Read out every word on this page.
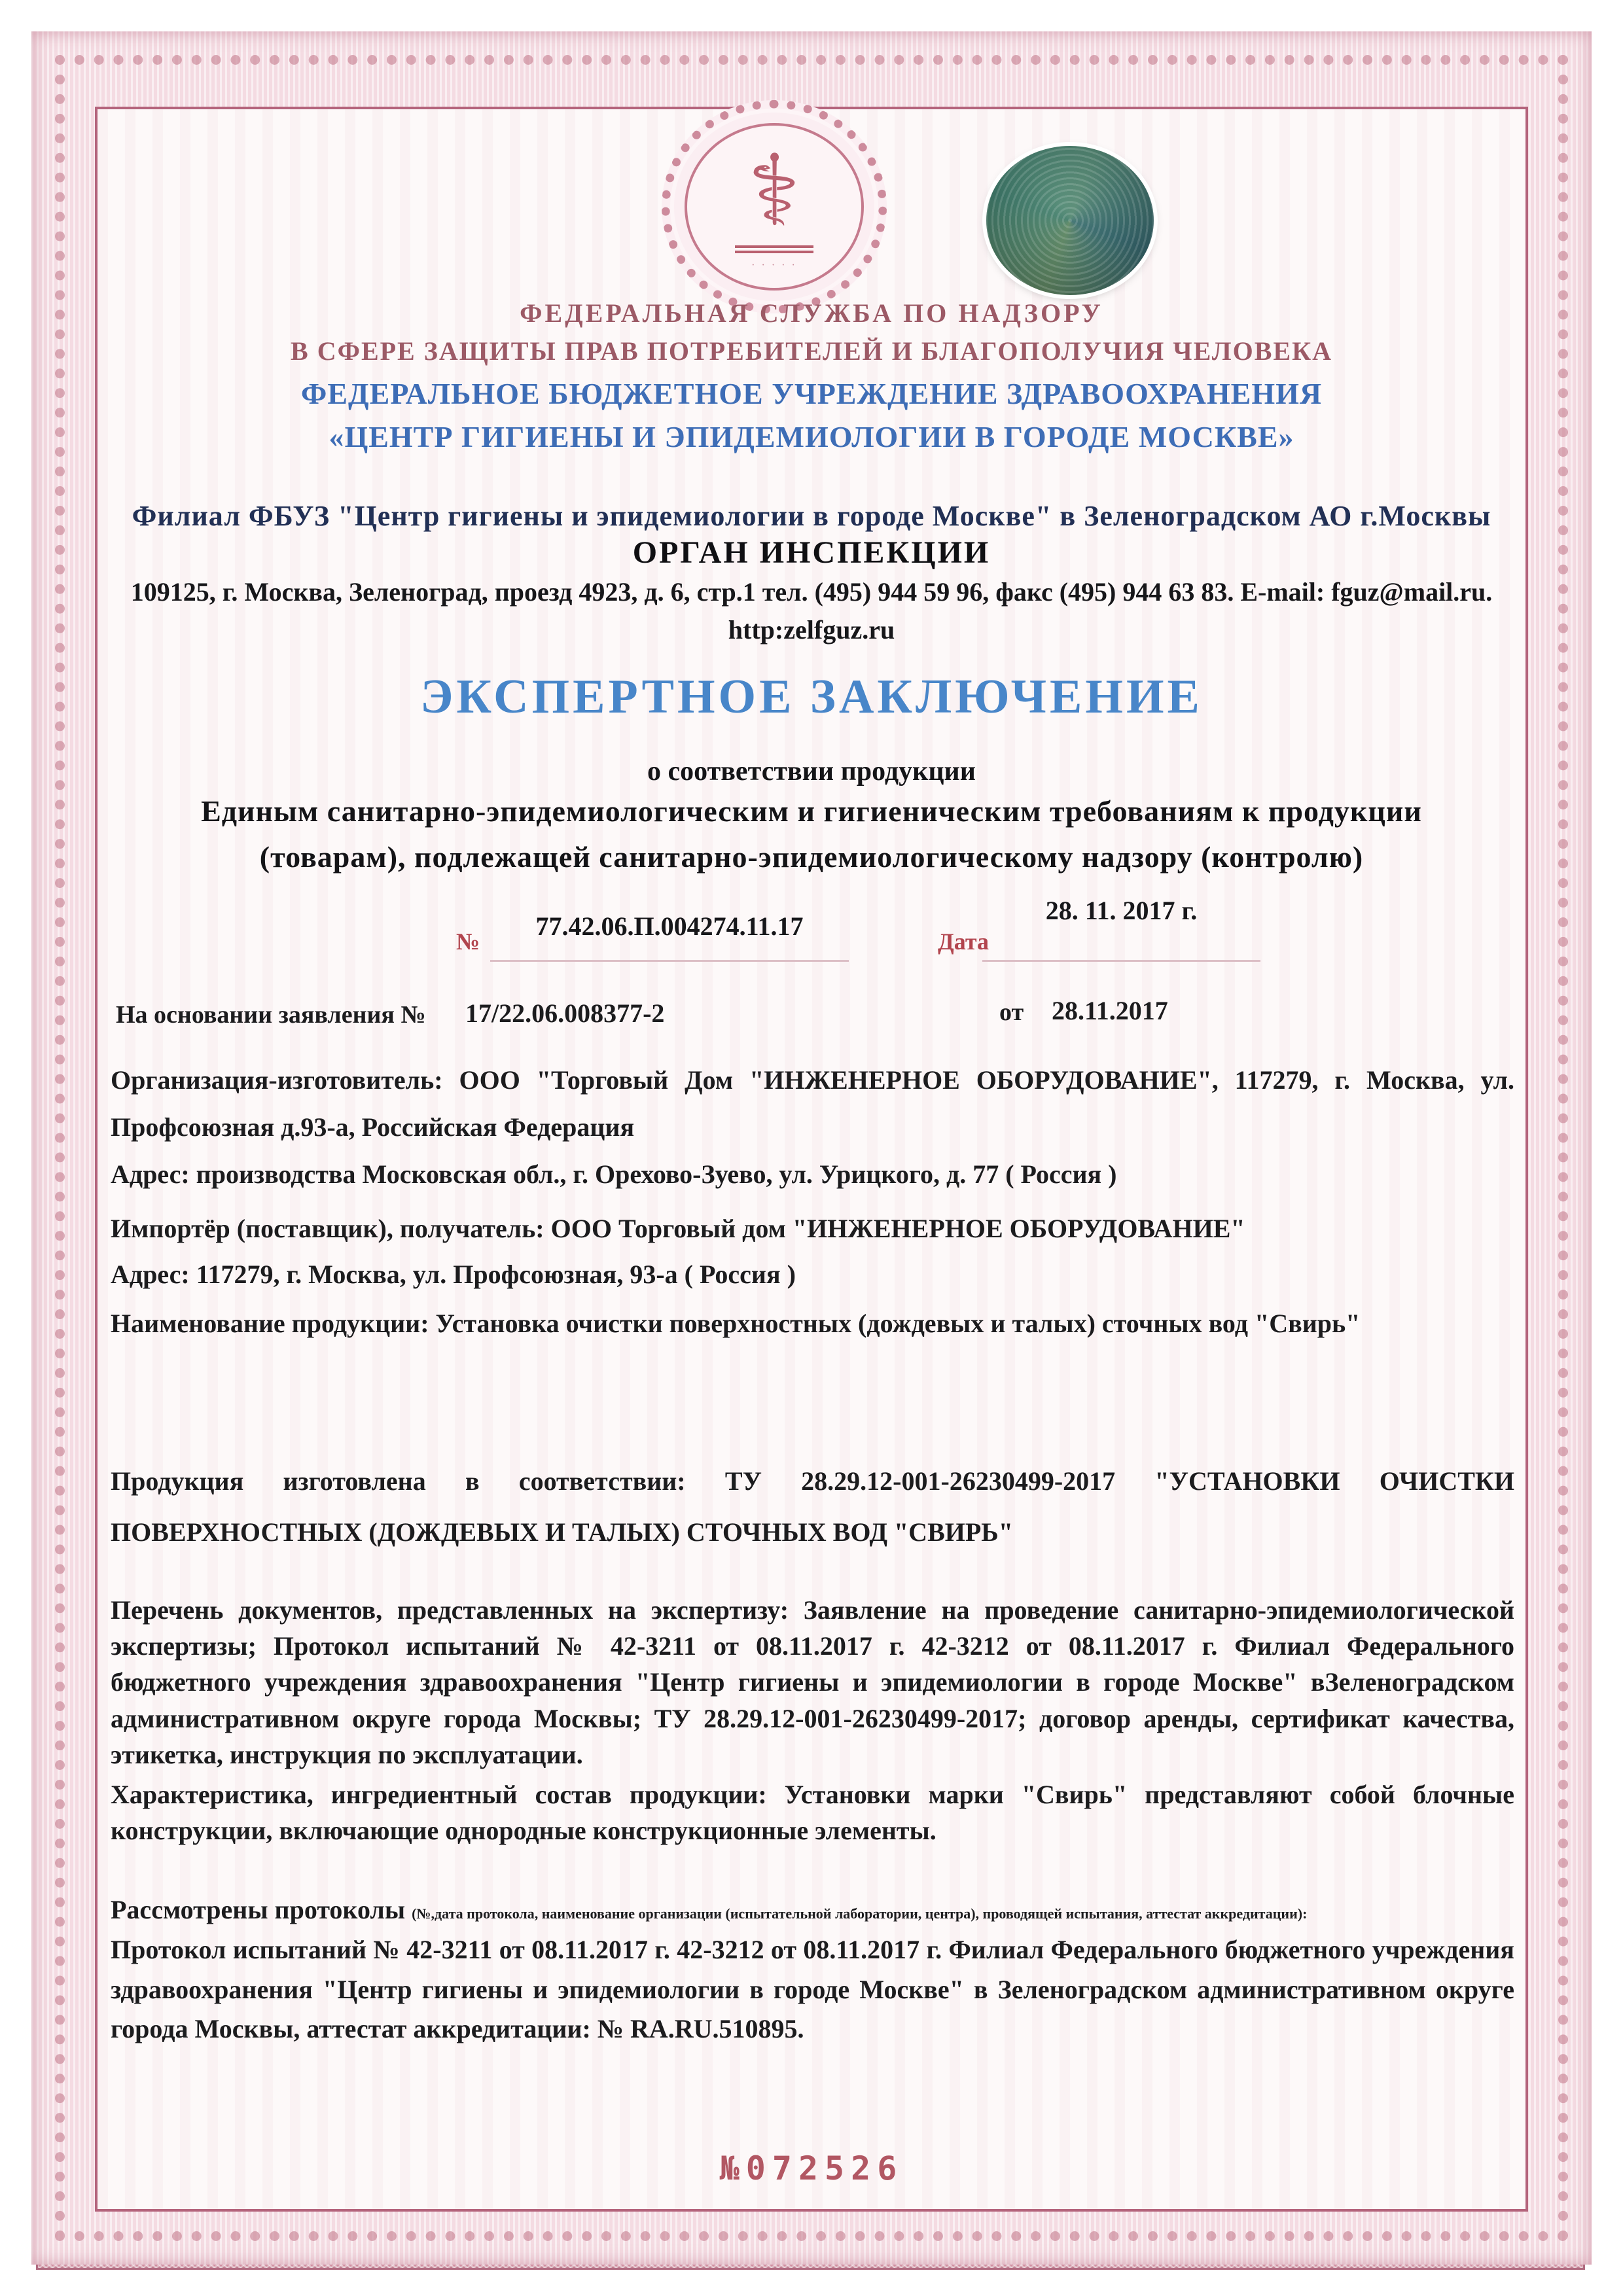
⚕
· · · · ·
ФЕДЕРАЛЬНАЯ СЛУЖБА ПО НАДЗОРУ
В СФЕРЕ ЗАЩИТЫ ПРАВ ПОТРЕБИТЕЛЕЙ И БЛАГОПОЛУЧИЯ ЧЕЛОВЕКА
ФЕДЕРАЛЬНОЕ БЮДЖЕТНОЕ УЧРЕЖДЕНИЕ ЗДРАВООХРАНЕНИЯ
«ЦЕНТР ГИГИЕНЫ И ЭПИДЕМИОЛОГИИ В ГОРОДЕ МОСКВЕ»
Филиал ФБУЗ "Центр гигиены и эпидемиологии в городе Москве" в Зеленоградском АО г.Москвы
ОРГАН ИНСПЕКЦИИ
109125, г. Москва, Зеленоград, проезд 4923, д. 6, стр.1 тел. (495) 944 59 96, факс (495) 944 63 83. E-mail: fguz@mail.ru.
http:zelfguz.ru
ЭКСПЕРТНОЕ ЗАКЛЮЧЕНИЕ
о соответствии продукции
Единым санитарно-эпидемиологическим и гигиеническим требованиям к продукции
(товарам), подлежащей санитарно-эпидемиологическому надзору (контролю)
№
77.42.06.П.004274.11.17
Дата
28. 11. 2017 г.
На основании заявления № 17/22.06.008377-2	от 28.11.2017
Организация-изготовитель: ООО "Торговый Дом "ИНЖЕНЕРНОЕ ОБОРУДОВАНИЕ", 117279, г. Москва, ул. Профсоюзная д.93-а, Российская Федерация
Адрес: производства Московская обл., г. Орехово-Зуево, ул. Урицкого, д. 77 ( Россия )
Импортёр (поставщик), получатель: ООО Торговый дом "ИНЖЕНЕРНОЕ ОБОРУДОВАНИЕ"
Адрес: 117279, г. Москва, ул. Профсоюзная, 93-а ( Россия )
Наименование продукции: Установка очистки поверхностных (дождевых и талых) сточных вод "Свирь"
Продукция изготовлена в соответствии: ТУ 28.29.12-001-26230499-2017 "УСТАНОВКИ ОЧИСТКИ ПОВЕРХНОСТНЫХ (ДОЖДЕВЫХ И ТАЛЫХ) СТОЧНЫХ ВОД "СВИРЬ"
Перечень документов, представленных на экспертизу: Заявление на проведение санитарно-эпидемиологической экспертизы; Протокол испытаний № 42-3211 от 08.11.2017 г. 42-3212 от 08.11.2017 г. Филиал Федерального бюджетного учреждения здравоохранения "Центр гигиены и эпидемиологии в городе Москве" вЗеленоградском административном округе города Москвы; ТУ 28.29.12-001-26230499-2017; договор аренды, сертификат качества, этикетка, инструкция по эксплуатации.
Характеристика, ингредиентный состав продукции: Установки марки "Свирь" представляют собой блочные конструкции, включающие однородные конструкционные элементы.
Рассмотрены протоколы (№,дата протокола, наименование организации (испытательной лаборатории, центра), проводящей испытания, аттестат аккредитации):
Протокол испытаний № 42-3211 от 08.11.2017 г. 42-3212 от 08.11.2017 г. Филиал Федерального бюджетного учреждения здравоохранения "Центр гигиены и эпидемиологии в городе Москве" в Зеленоградском административном округе города Москвы, аттестат аккредитации: № RA.RU.510895.
№072526
